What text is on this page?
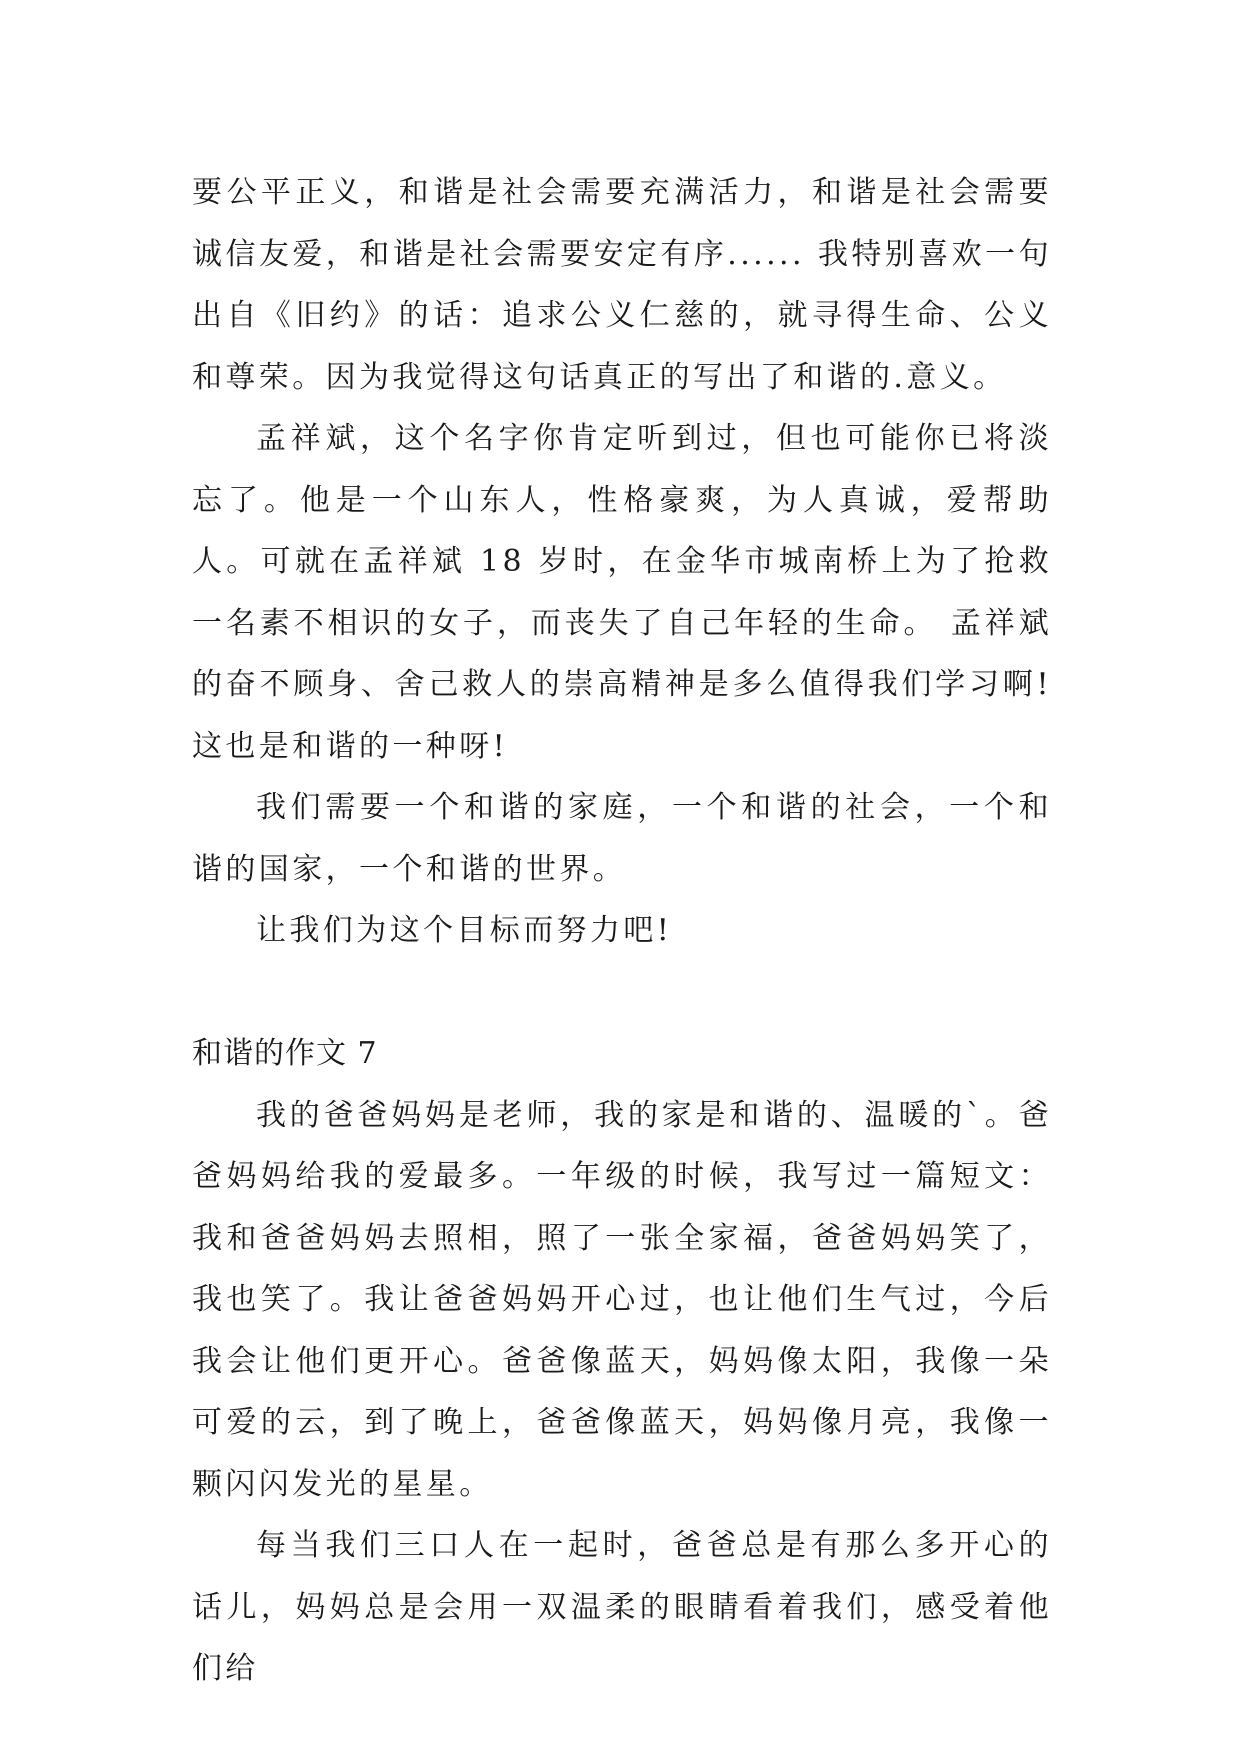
要公平正义，和谐是社会需要充满活力，和谐是社会需要诚信友爱，和谐是社会需要安定有序...... 我特别喜欢一句出自《旧约》的话：追求公义仁慈的，就寻得生命、公义和尊荣。因为我觉得这句话真正的写出了和谐的.意义。

孟祥斌，这个名字你肯定听到过，但也可能你已将淡忘了。他是一个山东人，性格豪爽，为人真诚，爱帮助人。可就在孟祥斌 18 岁时，在金华市城南桥上为了抢救一名素不相识的女子，而丧失了自己年轻的生命。 孟祥斌的奋不顾身、舍己救人的崇高精神是多么值得我们学习啊!这也是和谐的一种呀!

我们需要一个和谐的家庭，一个和谐的社会，一个和谐的国家，一个和谐的世界。

让我们为这个目标而努力吧!

和谐的作文 7

我的爸爸妈妈是老师，我的家是和谐的、温暖的`。爸爸妈妈给我的爱最多。一年级的时候，我写过一篇短文：我和爸爸妈妈去照相，照了一张全家福，爸爸妈妈笑了，我也笑了。我让爸爸妈妈开心过，也让他们生气过，今后我会让他们更开心。爸爸像蓝天，妈妈像太阳，我像一朵可爱的云，到了晚上，爸爸像蓝天，妈妈像月亮，我像一颗闪闪发光的星星。

每当我们三口人在一起时，爸爸总是有那么多开心的话儿，妈妈总是会用一双温柔的眼睛看着我们，感受着他们给
